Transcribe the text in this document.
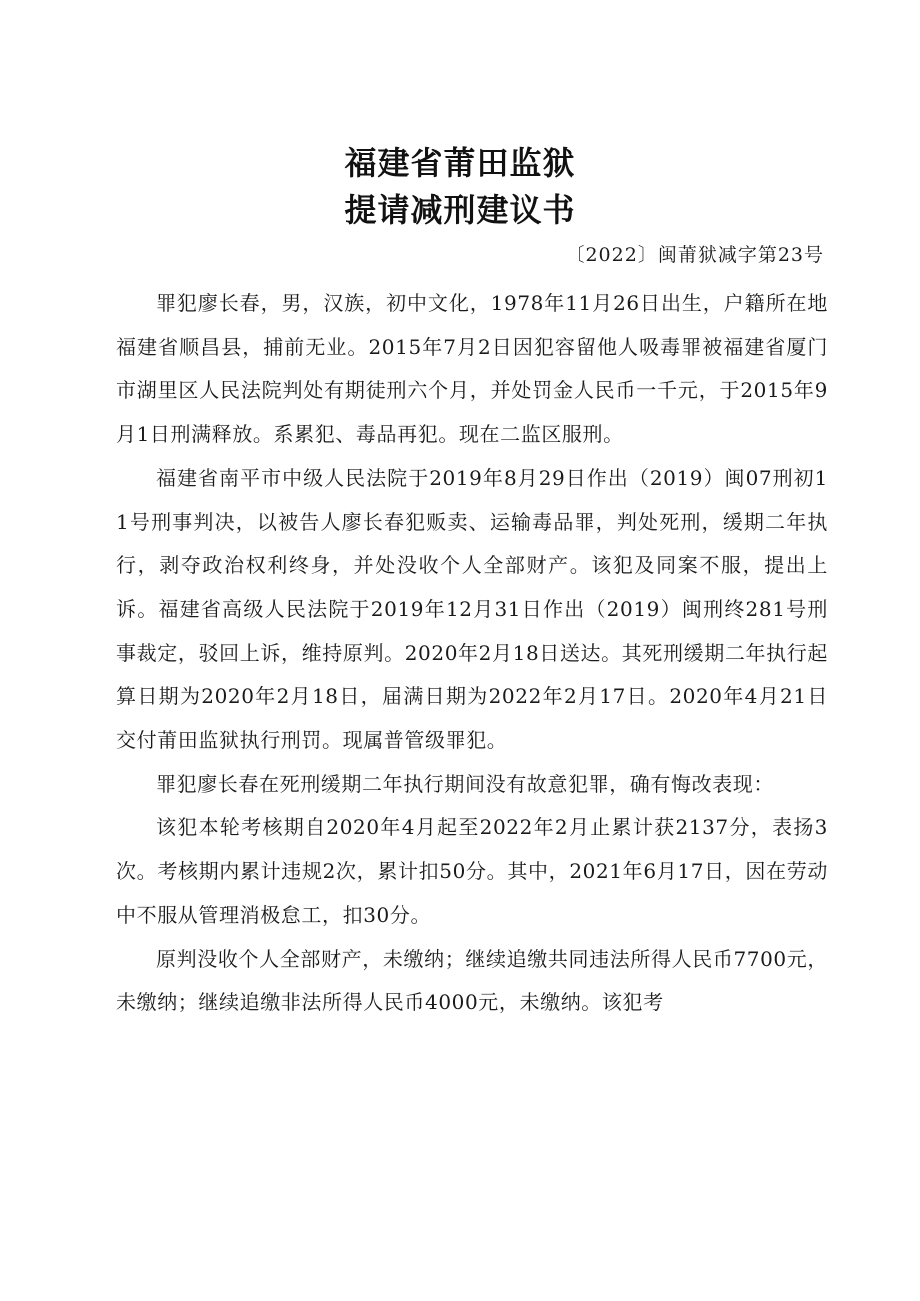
福建省莆田监狱
提请减刑建议书
〔2022〕闽莆狱减字第23号

罪犯廖长春，男，汉族，初中文化，1978年11月26日出生，户籍所在地福建省顺昌县，捕前无业。2015年7月2日因犯容留他人吸毒罪被福建省厦门市湖里区人民法院判处有期徒刑六个月，并处罚金人民币一千元，于2015年9月1日刑满释放。系累犯、毒品再犯。现在二监区服刑。

福建省南平市中级人民法院于2019年8月29日作出（2019）闽07刑初11号刑事判决，以被告人廖长春犯贩卖、运输毒品罪，判处死刑，缓期二年执行，剥夺政治权利终身，并处没收个人全部财产。该犯及同案不服，提出上诉。福建省高级人民法院于2019年12月31日作出（2019）闽刑终281号刑事裁定，驳回上诉，维持原判。2020年2月18日送达。其死刑缓期二年执行起算日期为2020年2月18日，届满日期为2022年2月17日。2020年4月21日交付莆田监狱执行刑罚。现属普管级罪犯。

罪犯廖长春在死刑缓期二年执行期间没有故意犯罪，确有悔改表现：

该犯本轮考核期自2020年4月起至2022年2月止累计获2137分，表扬3次。考核期内累计违规2次，累计扣50分。其中，2021年6月17日，因在劳动中不服从管理消极怠工，扣30分。

原判没收个人全部财产，未缴纳；继续追缴共同违法所得人民币7700元，未缴纳；继续追缴非法所得人民币4000元，未缴纳。该犯考
